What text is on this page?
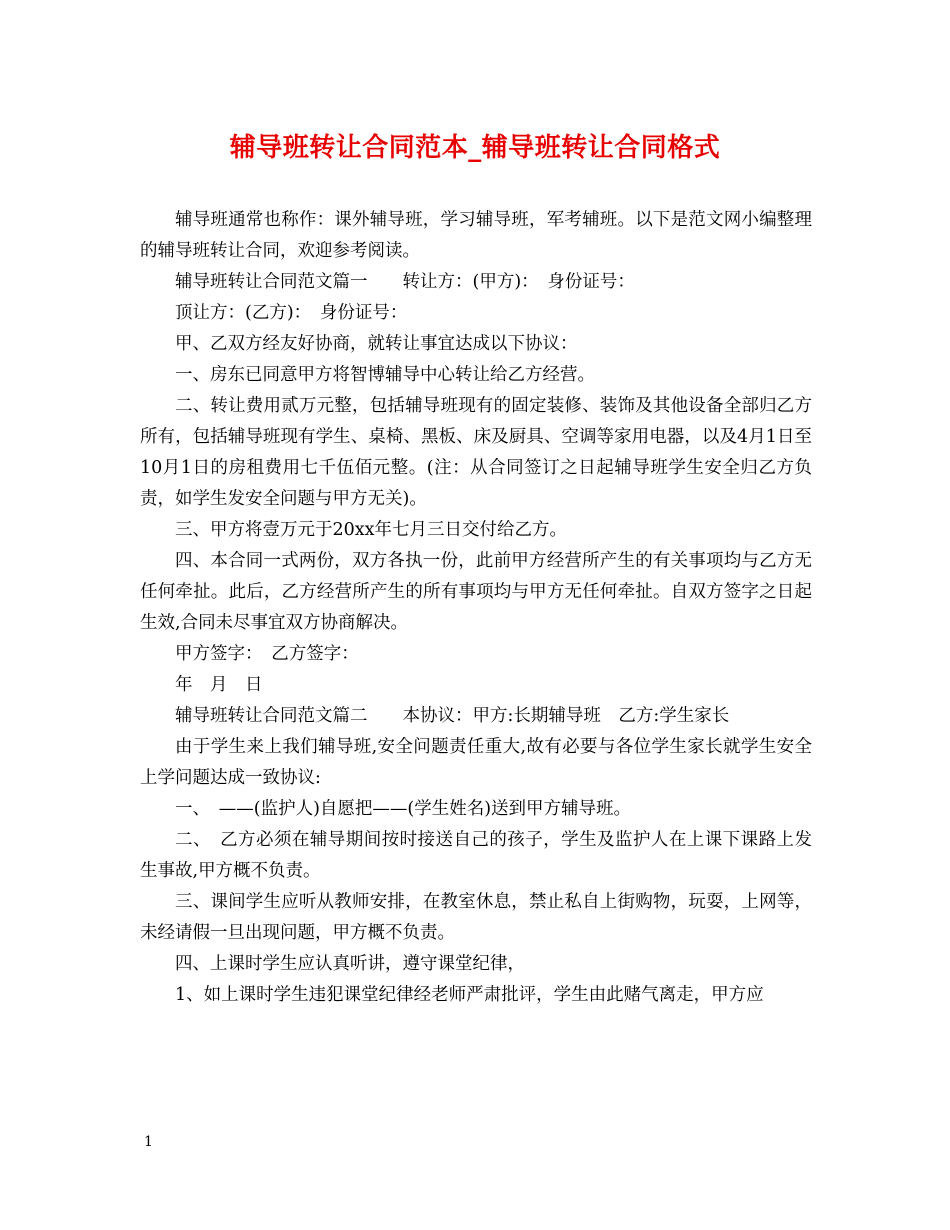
辅导班转让合同范本_辅导班转让合同格式

辅导班通常也称作：课外辅导班，学习辅导班，军考辅班。以下是范文网小编整理的辅导班转让合同，欢迎参考阅读。

辅导班转让合同范文篇一　　转让方：(甲方)：　身份证号：

顶让方：(乙方)：　身份证号：

甲、乙双方经友好协商，就转让事宜达成以下协议：

一、房东已同意甲方将智博辅导中心转让给乙方经营。

二、转让费用贰万元整，包括辅导班现有的固定装修、装饰及其他设备全部归乙方所有，包括辅导班现有学生、桌椅、黑板、床及厨具、空调等家用电器，以及4月1日至10月1日的房租费用七千伍佰元整。(注：从合同签订之日起辅导班学生安全归乙方负责，如学生发安全问题与甲方无关)。

三、甲方将壹万元于20xx年七月三日交付给乙方。

四、本合同一式两份，双方各执一份，此前甲方经营所产生的有关事项均与乙方无任何牵扯。此后，乙方经营所产生的所有事项均与甲方无任何牵扯。自双方签字之日起生效,合同未尽事宜双方协商解决。

甲方签字：　乙方签字：

年　月　日

辅导班转让合同范文篇二　　本协议：甲方:长期辅导班　乙方:学生家长

由于学生来上我们辅导班,安全问题责任重大,故有必要与各位学生家长就学生安全上学问题达成一致协议:

一、　——(监护人)自愿把——(学生姓名)送到甲方辅导班。

二、　乙方必须在辅导期间按时接送自己的孩子，学生及监护人在上课下课路上发生事故,甲方概不负责。

三、课间学生应听从教师安排，在教室休息，禁止私自上街购物，玩耍，上网等，未经请假一旦出现问题，甲方概不负责。

四、上课时学生应认真听讲，遵守课堂纪律，

1、如上课时学生违犯课堂纪律经老师严肃批评，学生由此赌气离走，甲方应

1
